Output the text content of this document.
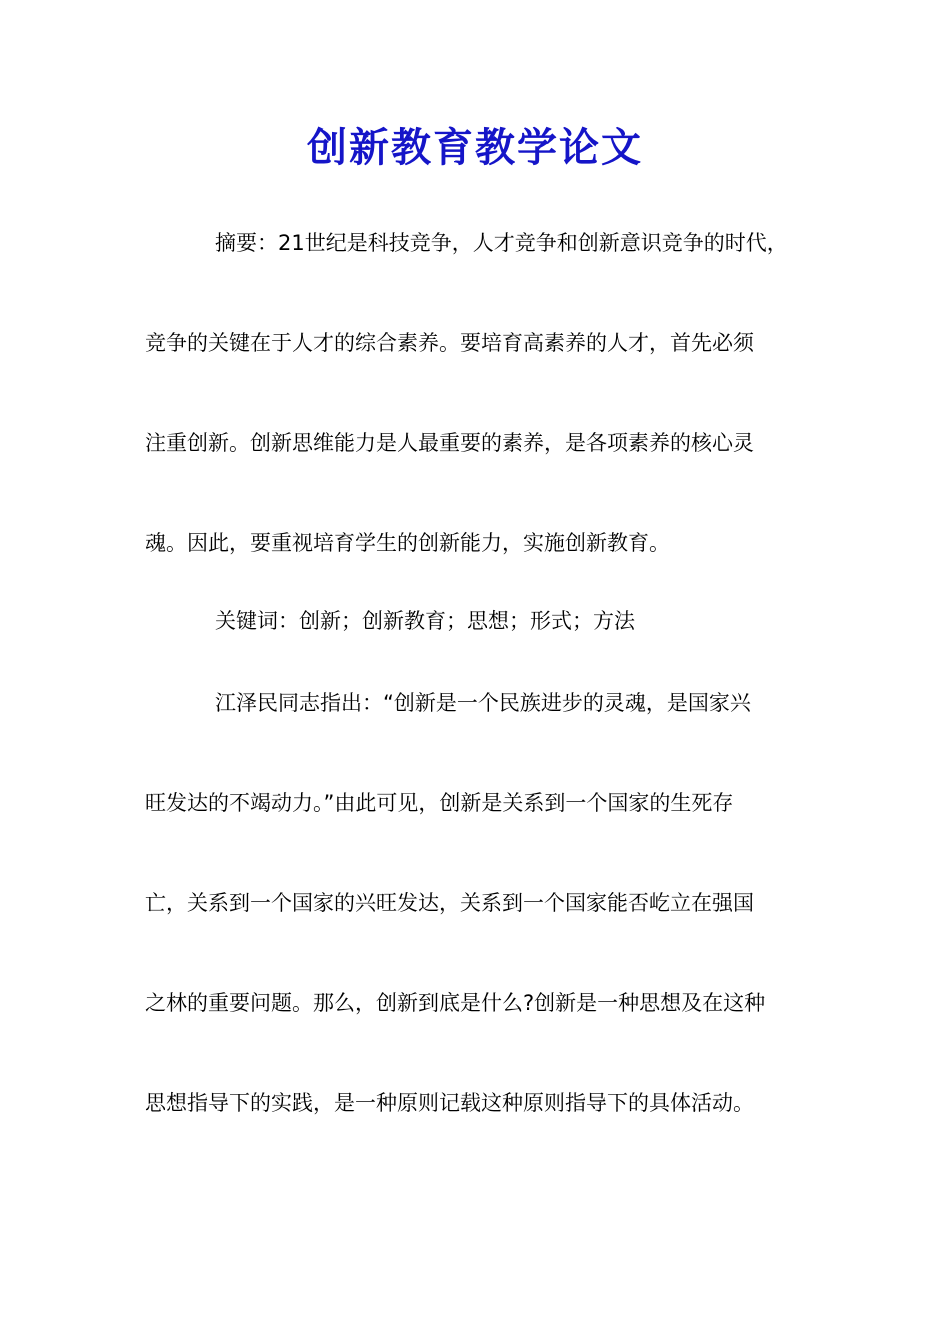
创新教育教学论文
摘要：21世纪是科技竞争，人才竞争和创新意识竞争的时代，
竞争的关键在于人才的综合素养。要培育高素养的人才，首先必须
注重创新。创新思维能力是人最重要的素养，是各项素养的核心灵
魂。因此，要重视培育学生的创新能力，实施创新教育。
关键词：创新；创新教育；思想；形式；方法
江泽民同志指出：“创新是一个民族进步的灵魂，是国家兴
旺发达的不竭动力。”由此可见，创新是关系到一个国家的生死存
亡，关系到一个国家的兴旺发达，关系到一个国家能否屹立在强国
之林的重要问题。那么，创新到底是什么?创新是一种思想及在这种
思想指导下的实践，是一种原则记载这种原则指导下的具体活动。
